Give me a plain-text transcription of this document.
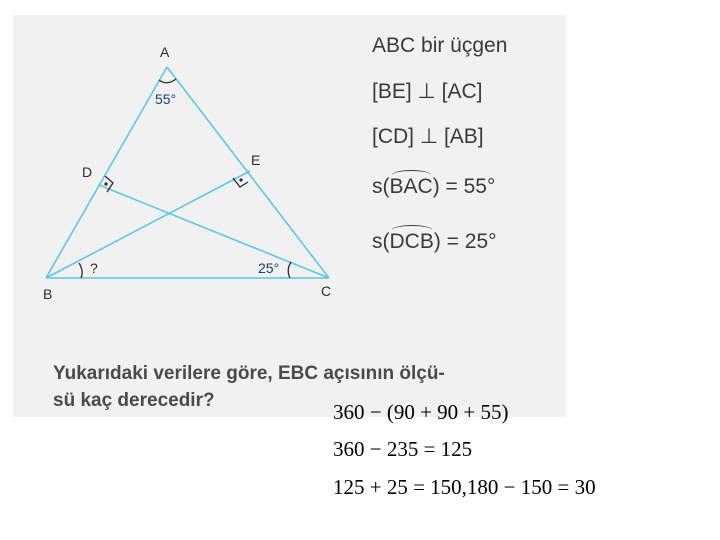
A
B	C
D
E
55°
?	25°
Yukarıdaki verilere göre, EBC açısının ölçü-
sü kaç derecedir?
ABC bir üçgen
[BE] ⊥ [AC]
[CD] ⊥ [AB]
s(BAC) = 55°
s(DCB) = 25°
360 − (90 + 90 + 55)
360 − 235 = 125
125 + 25 = 150,180 − 150 = 30
